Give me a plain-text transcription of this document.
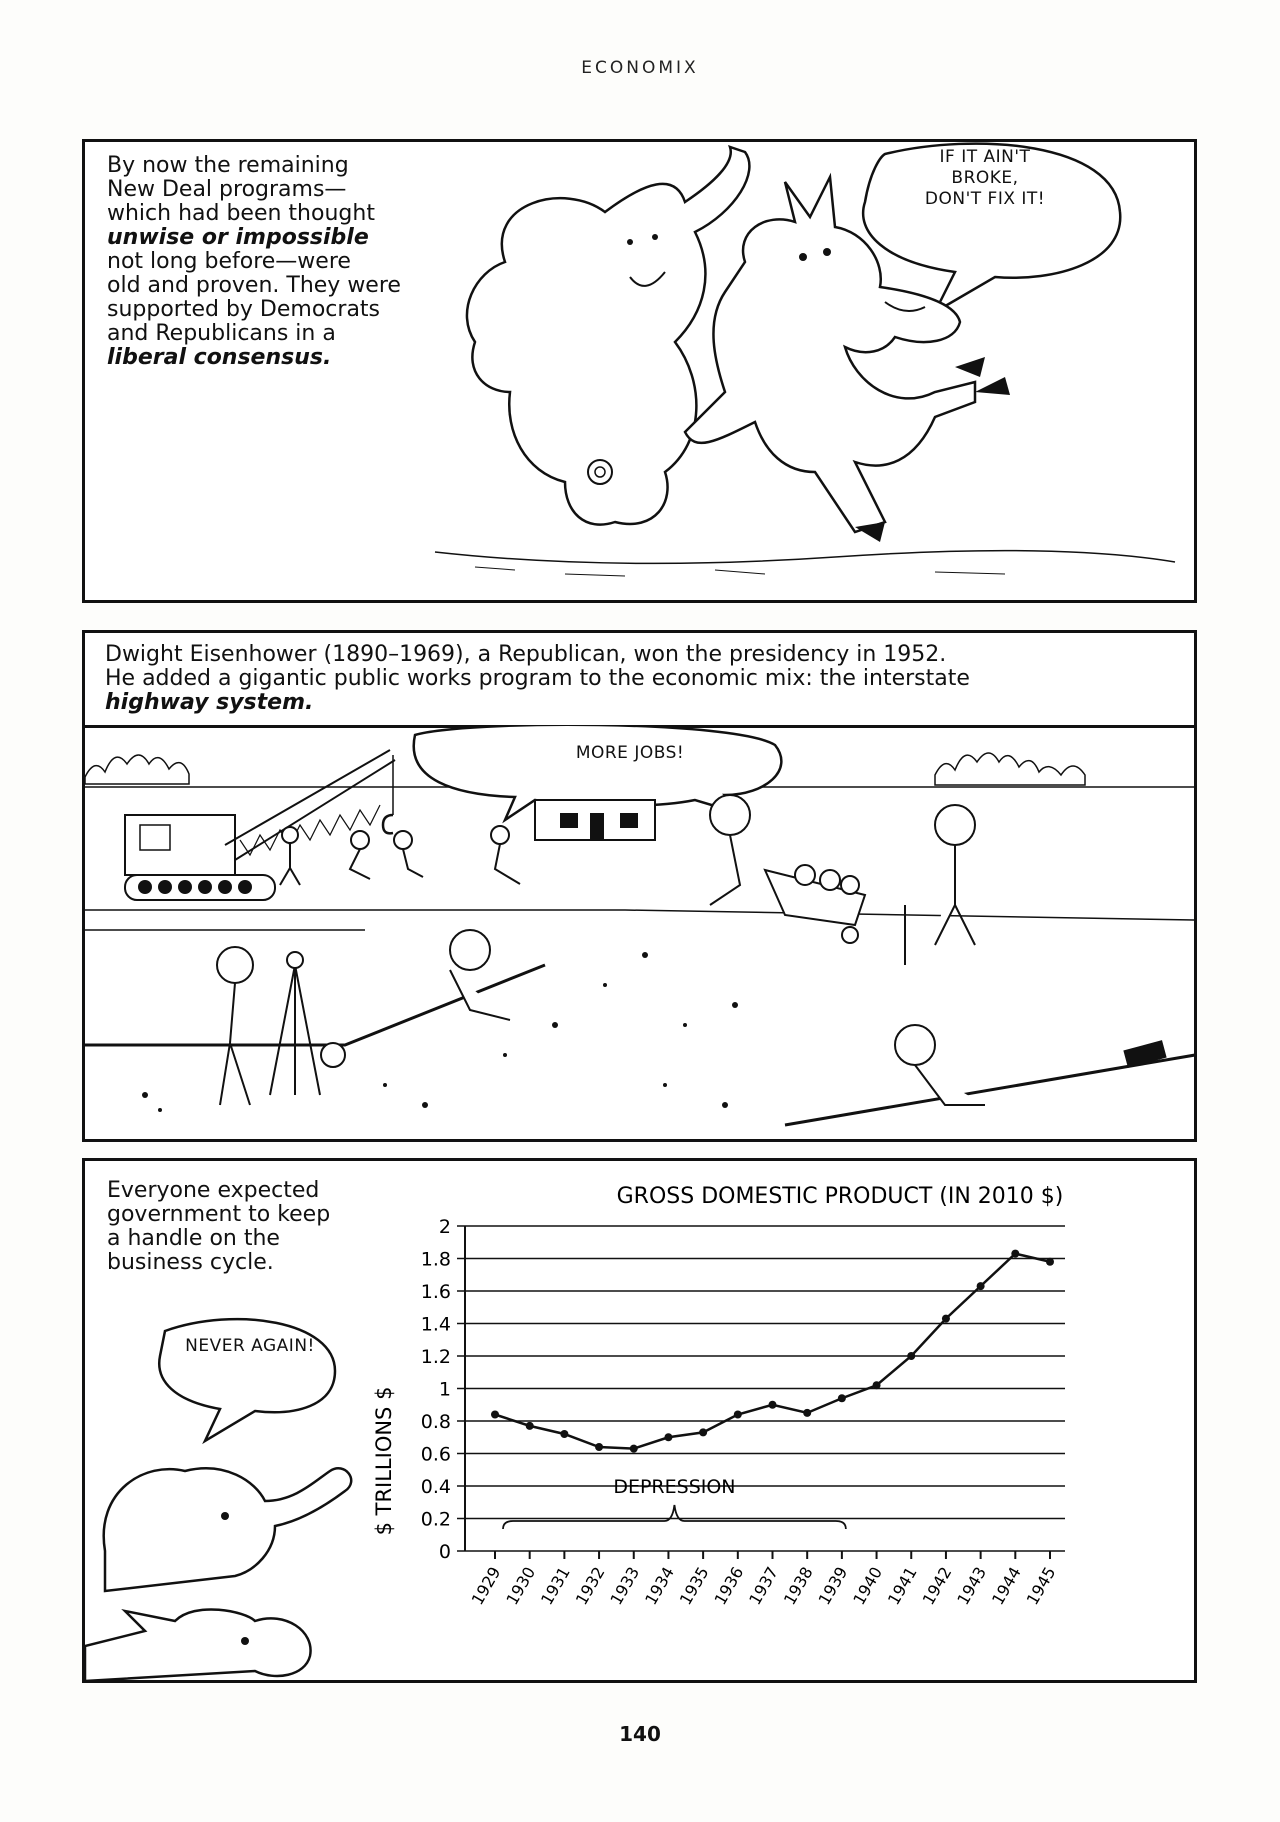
ECONOMIX
By now the remaining
New Deal programs—
which had been thought
unwise or impossible
not long before—were
old and proven. They were
supported by Democrats
and Republicans in a
liberal consensus.
IF IT AIN'T
BROKE,
DON'T FIX IT!
Dwight Eisenhower (1890–1969), a Republican, won the presidency in 1952.
He added a gigantic public works program to the economic mix: the interstate
highway system.
MORE JOBS!
Everyone expected
government to keep
a handle on the
business cycle.
NEVER AGAIN!
GROSS DOMESTIC PRODUCT (IN 2010 $)
$ TRILLIONS $
0
0.2
0.4
0.6
0.8
1
1.2
1.4
1.6
1.8
2
1929
1930
1931
1932
1933
1934
1935
1936
1937
1938
1939
1940
1941
1942
1943
1944
1945
DEPRESSION
140
